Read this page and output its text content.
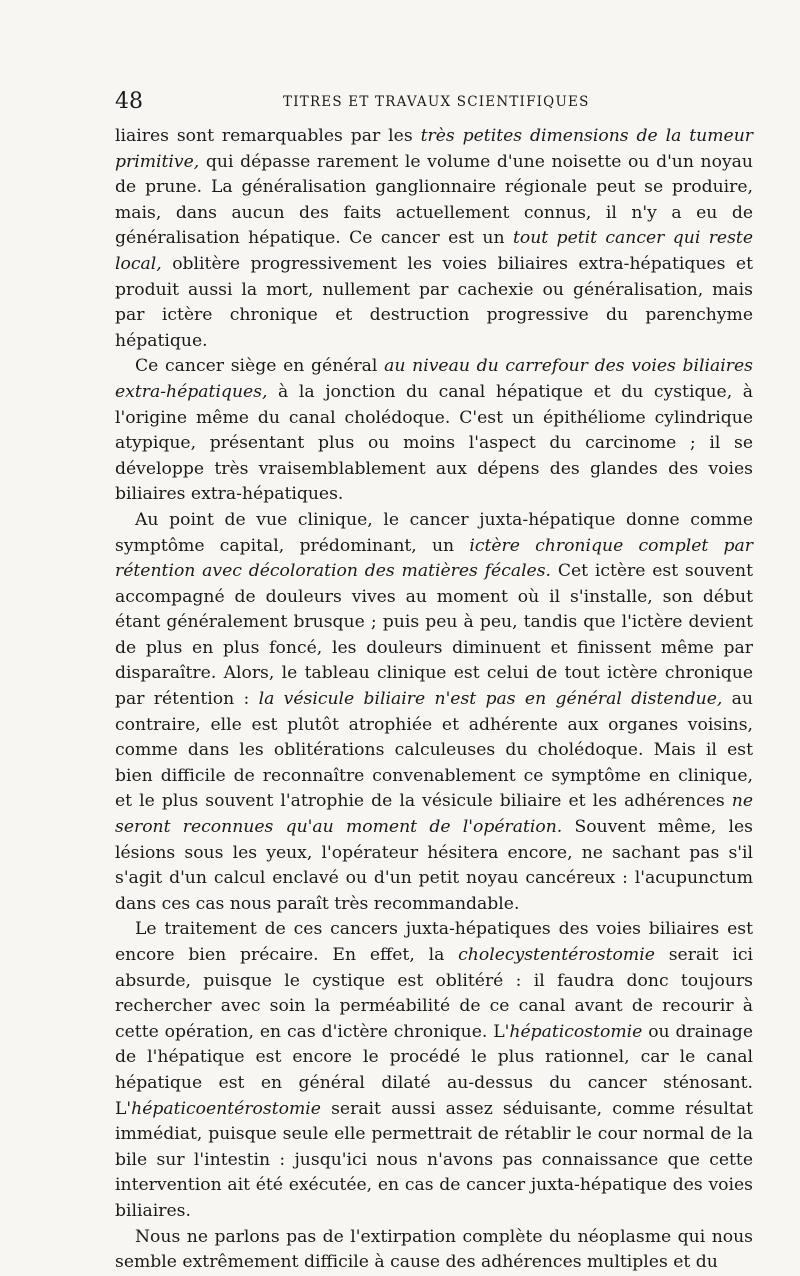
48	TITRES ET TRAVAUX SCIENTIFIQUES

liaires sont remarquables par les très petites dimensions de la tumeur primitive, qui dépasse rarement le volume d'une noisette ou d'un noyau de prune. La généralisation ganglionnaire régionale peut se produire, mais, dans aucun des faits actuellement connus, il n'y a eu de généralisation hépatique. Ce cancer est un tout petit cancer qui reste local, oblitère progressivement les voies biliaires extra-hépatiques et produit aussi la mort, nullement par cachexie ou généralisation, mais par ictère chronique et destruction progressive du parenchyme hépatique.

Ce cancer siège en général au niveau du carrefour des voies biliaires extra-hépatiques, à la jonction du canal hépatique et du cystique, à l'origine même du canal cholédoque. C'est un épithéliome cylindrique atypique, présentant plus ou moins l'aspect du carcinome ; il se développe très vraisemblablement aux dépens des glandes des voies biliaires extra-hépatiques.

Au point de vue clinique, le cancer juxta-hépatique donne comme symptôme capital, prédominant, un ictère chronique complet par rétention avec décoloration des matières fécales. Cet ictère est souvent accompagné de douleurs vives au moment où il s'installe, son début étant généralement brusque ; puis peu à peu, tandis que l'ictère devient de plus en plus foncé, les douleurs diminuent et finissent même par disparaître. Alors, le tableau clinique est celui de tout ictère chronique par rétention : la vésicule biliaire n'est pas en général distendue, au contraire, elle est plutôt atrophiée et adhérente aux organes voisins, comme dans les oblitérations calculeuses du cholédoque. Mais il est bien difficile de reconnaître convenablement ce symptôme en clinique, et le plus souvent l'atrophie de la vésicule biliaire et les adhérences ne seront reconnues qu'au moment de l'opération. Souvent même, les lésions sous les yeux, l'opérateur hésitera encore, ne sachant pas s'il s'agit d'un calcul enclavé ou d'un petit noyau cancéreux : l'acupunctum dans ces cas nous paraît très recommandable.

Le traitement de ces cancers juxta-hépatiques des voies biliaires est encore bien précaire. En effet, la cholecystentérostomie serait ici absurde, puisque le cystique est oblitéré : il faudra donc toujours rechercher avec soin la perméabilité de ce canal avant de recourir à cette opération, en cas d'ictère chronique. L'hépaticostomie ou drainage de l'hépatique est encore le procédé le plus rationnel, car le canal hépatique est en général dilaté au-dessus du cancer sténosant. L'hépaticoentérostomie serait aussi assez séduisante, comme résultat immédiat, puisque seule elle permettrait de rétablir le cour normal de la bile sur l'intestin : jusqu'ici nous n'avons pas connaissance que cette intervention ait été exécutée, en cas de cancer juxta-hépatique des voies biliaires.

Nous ne parlons pas de l'extirpation complète du néoplasme qui nous semble extrêmement difficile à cause des adhérences multiples et du
